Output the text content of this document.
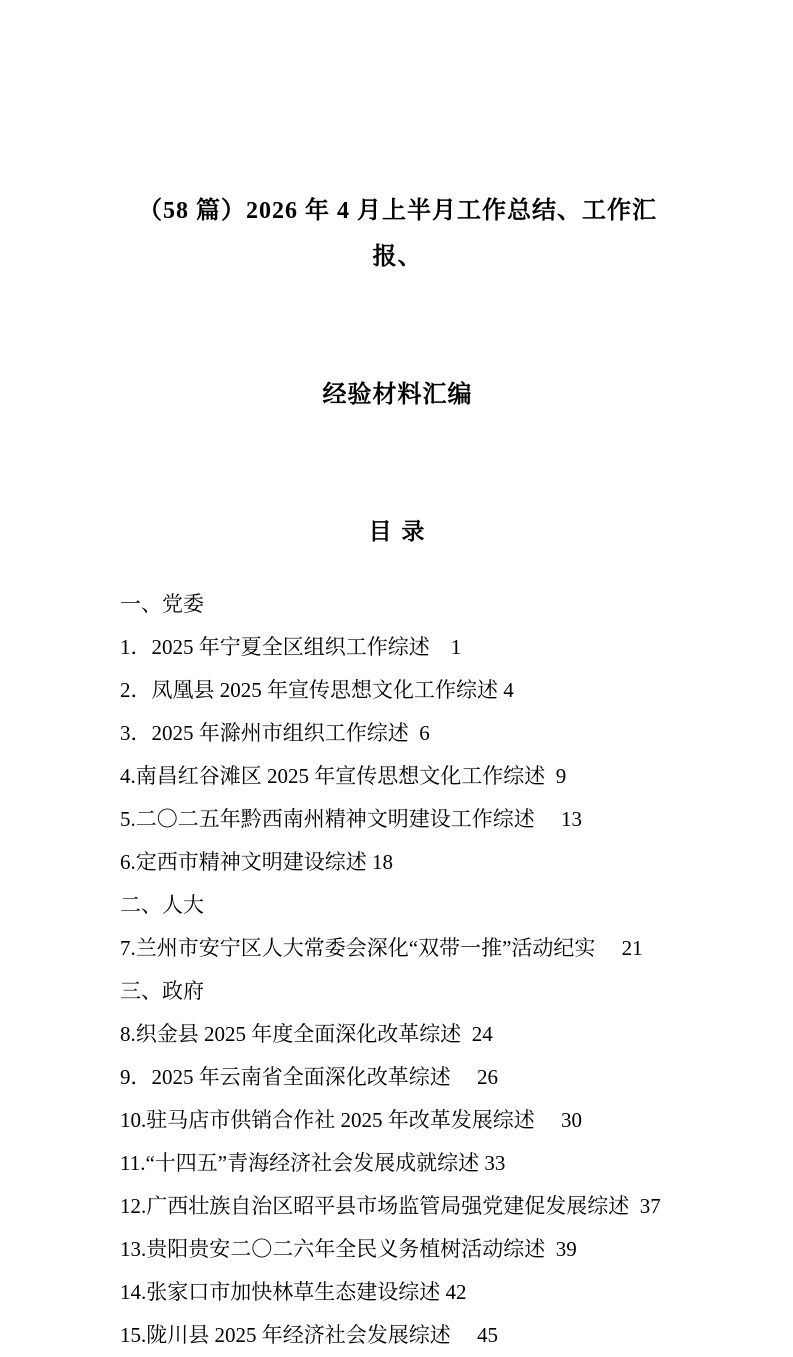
（58 篇）2026 年 4 月上半月工作总结、工作汇报、

经验材料汇编

目 录

一、党委

1．2025 年宁夏全区组织工作综述　1

2．凤凰县 2025 年宣传思想文化工作综述 4

3．2025 年滁州市组织工作综述  6

4.南昌红谷滩区 2025 年宣传思想文化工作综述  9

5.二〇二五年黔西南州精神文明建设工作综述　 13

6.定西市精神文明建设综述 18

二、人大

7.兰州市安宁区人大常委会深化“双带一推”活动纪实　 21

三、政府

8.织金县 2025 年度全面深化改革综述  24

9．2025 年云南省全面深化改革综述　 26

10.驻马店市供销合作社 2025 年改革发展综述　 30

11.“十四五”青海经济社会发展成就综述 33

12.广西壮族自治区昭平县市场监管局强党建促发展综述  37

13.贵阳贵安二〇二六年全民义务植树活动综述  39

14.张家口市加快林草生态建设综述 42

15.陇川县 2025 年经济社会发展综述　 45
